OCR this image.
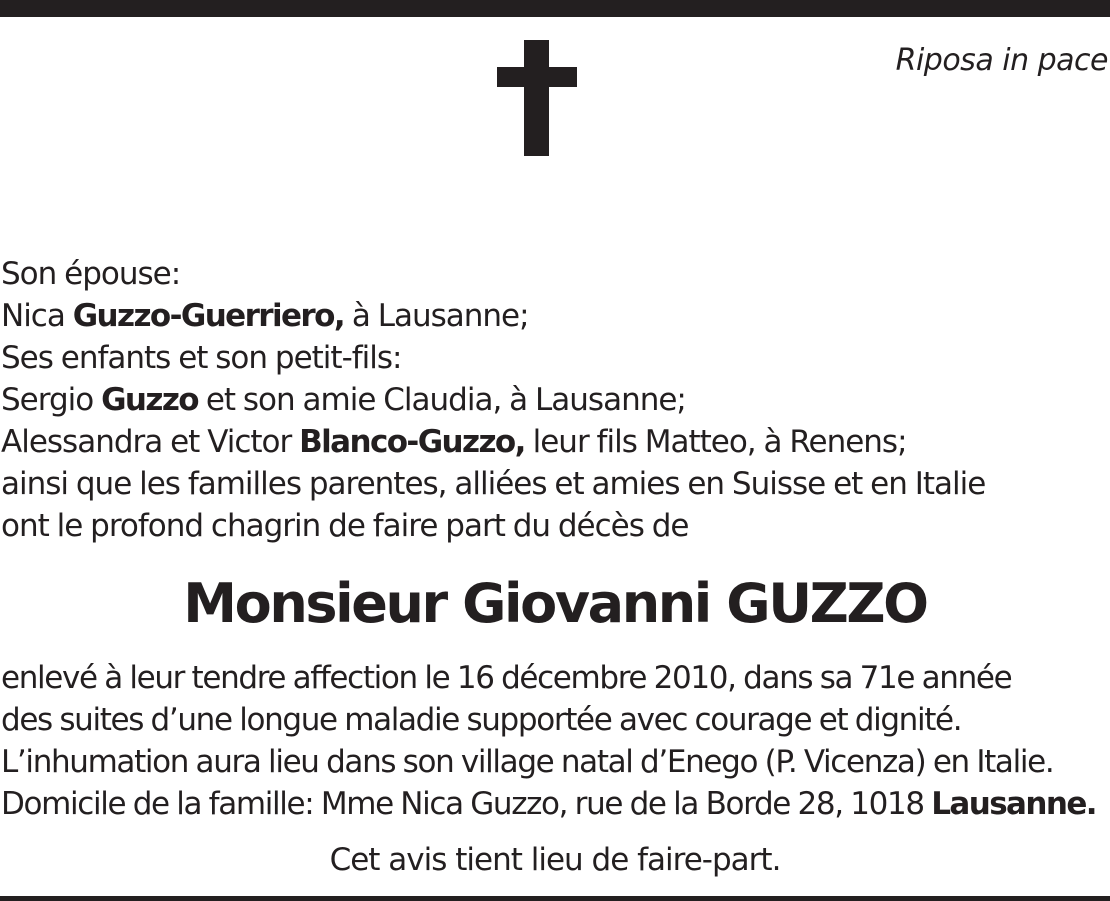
Riposa in pace
Son épouse:
Nica Guzzo-Guerriero, à Lausanne;
Ses enfants et son petit-fils:
Sergio Guzzo et son amie Claudia, à Lausanne;
Alessandra et Victor Blanco-Guzzo, leur fils Matteo, à Renens;
ainsi que les familles parentes, alliées et amies en Suisse et en Italie
ont le profond chagrin de faire part du décès de
Monsieur Giovanni GUZZO
enlevé à leur tendre affection le 16 décembre 2010, dans sa 71e année
des suites d’une longue maladie supportée avec courage et dignité.
L’inhumation aura lieu dans son village natal d’Enego (P. Vicenza) en Italie.
Domicile de la famille: Mme Nica Guzzo, rue de la Borde 28, 1018 Lausanne.
Cet avis tient lieu de faire-part.
